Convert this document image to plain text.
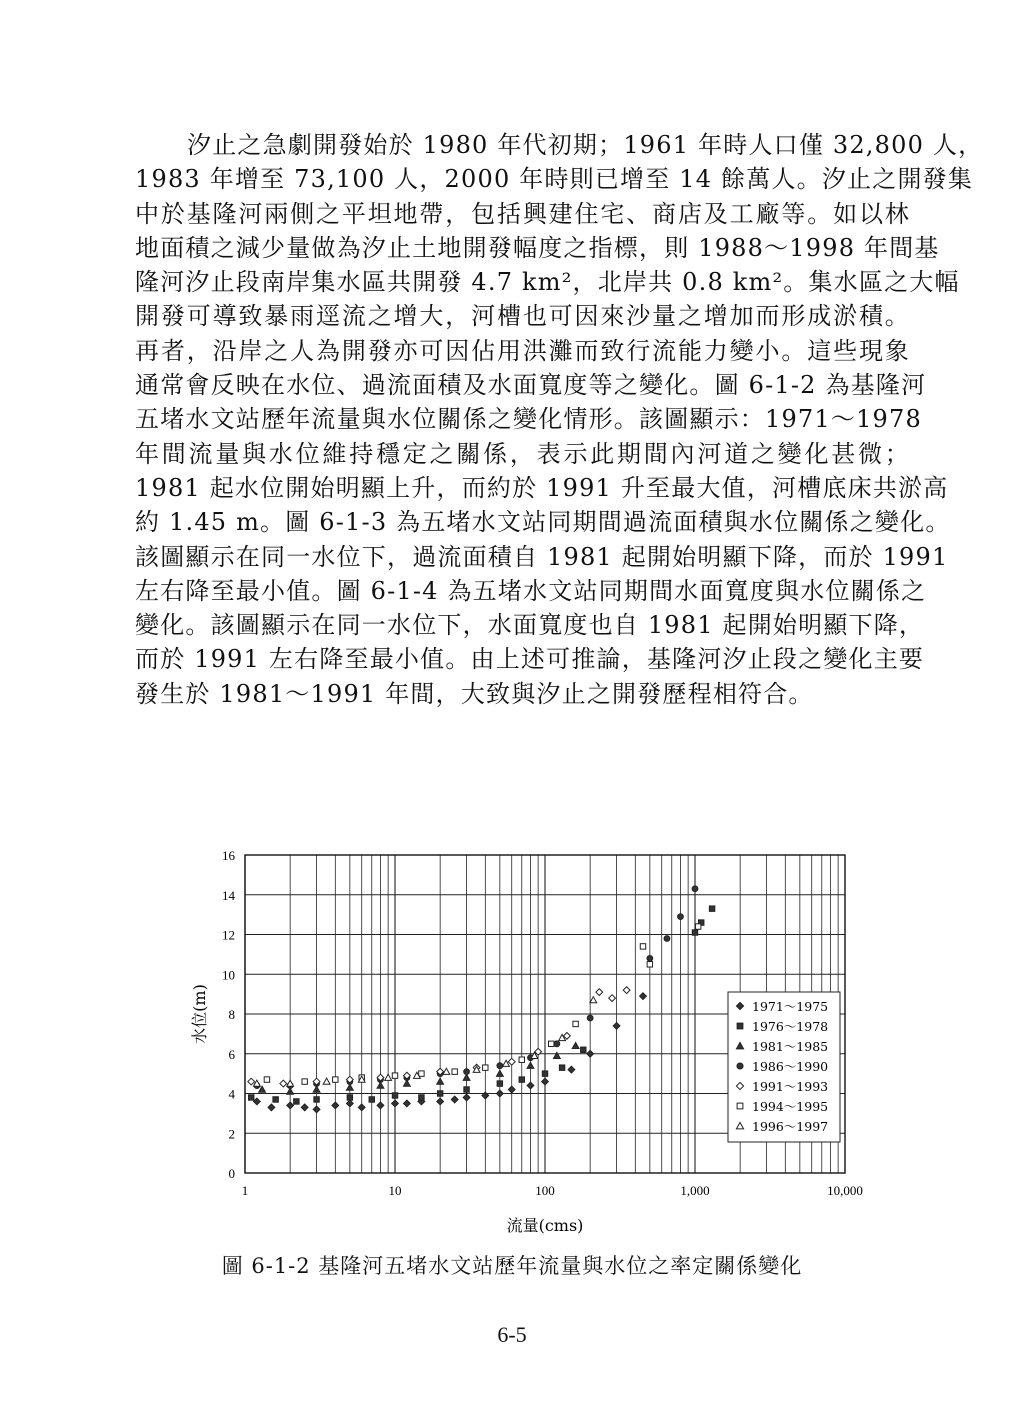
汐止之急劇開發始於 1980 年代初期；1961 年時人口僅 32,800 人，
1983 年增至 73,100 人，2000 年時則已增至 14 餘萬人。汐止之開發集
中於基隆河兩側之平坦地帶，包括興建住宅、商店及工廠等。如以林
地面積之減少量做為汐止土地開發幅度之指標，則 1988～1998 年間基
隆河汐止段南岸集水區共開發 4.7 km²，北岸共 0.8 km²。集水區之大幅
開發可導致暴雨逕流之增大，河槽也可因來沙量之增加而形成淤積。
再者，沿岸之人為開發亦可因佔用洪灘而致行流能力變小。這些現象
通常會反映在水位、過流面積及水面寬度等之變化。圖 6-1-2 為基隆河
五堵水文站歷年流量與水位關係之變化情形。該圖顯示：1971～1978
年間流量與水位維持穩定之關係，表示此期間內河道之變化甚微；
1981 起水位開始明顯上升，而約於 1991 升至最大值，河槽底床共淤高
約 1.45 m。圖 6-1-3 為五堵水文站同期間過流面積與水位關係之變化。
該圖顯示在同一水位下，過流面積自 1981 起開始明顯下降，而於 1991
左右降至最小值。圖 6-1-4 為五堵水文站同期間水面寬度與水位關係之
變化。該圖顯示在同一水位下，水面寬度也自 1981 起開始明顯下降，
而於 1991 左右降至最小值。由上述可推論，基隆河汐止段之變化主要
發生於 1981～1991 年間，大致與汐止之開發歷程相符合。
0
2
4
6
8
10
12
14
16
1	10	100	1,000	10,000
流量(cms)
水位(m)	1971～1975
1976～1978
1981～1985
1986～1990
1991～1993
1994～1995
1996～1997
圖 6-1-2 基隆河五堵水文站歷年流量與水位之率定關係變化
6-5
